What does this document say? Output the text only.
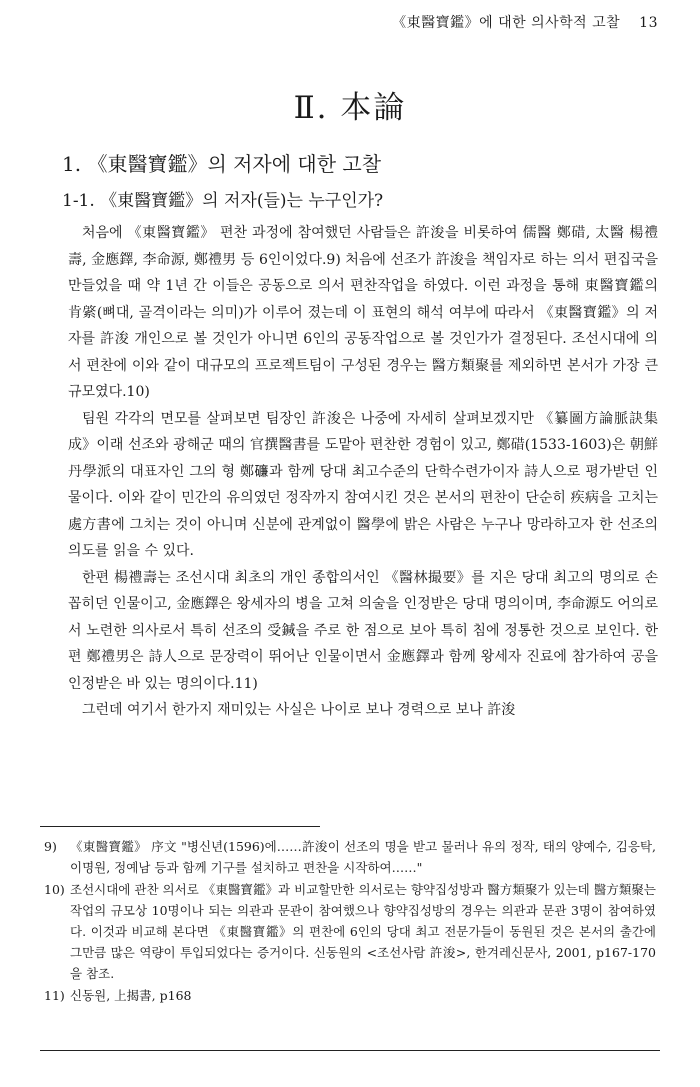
《東醫寶鑑》에 대한 의사학적 고찰 13
Ⅱ. 本論
1. 《東醫寶鑑》의 저자에 대한 고찰
1-1. 《東醫寶鑑》의 저자(들)는 누구인가?

처음에 《東醫寶鑑》 편찬 과정에 참여했던 사람들은 許浚을 비롯하여 儒醫 鄭碏, 太醫 楊禮壽, 金應鐸, 李命源, 鄭禮男 등 6인이었다.9) 처음에 선조가 許浚을 책임자로 하는 의서 편집국을 만들었을 때 약 1년 간 이들은 공동으로 의서 편찬작업을 하였다. 이런 과정을 통해 東醫寶鑑의 肯綮(뼈대, 골격이라는 의미)가 이루어 졌는데 이 표현의 해석 여부에 따라서 《東醫寶鑑》의 저자를 許浚 개인으로 볼 것인가 아니면 6인의 공동작업으로 볼 것인가가 결정된다. 조선시대에 의서 편찬에 이와 같이 대규모의 프로젝트팀이 구성된 경우는 醫方類聚를 제외하면 본서가 가장 큰 규모였다.10)

팀원 각각의 면모를 살펴보면 팀장인 許浚은 나중에 자세히 살펴보겠지만 《纂圖方論脈訣集成》이래 선조와 광해군 때의 官撰醫書를 도맡아 편찬한 경험이 있고, 鄭碏(1533-1603)은 朝鮮丹學派의 대표자인 그의 형 鄭𥖝과 함께 당대 최고수준의 단학수련가이자 詩人으로 평가받던 인물이다. 이와 같이 민간의 유의였던 정작까지 참여시킨 것은 본서의 편찬이 단순히 疾病을 고치는 處方書에 그치는 것이 아니며 신분에 관계없이 醫學에 밝은 사람은 누구나 망라하고자 한 선조의 의도를 읽을 수 있다.

한편 楊禮壽는 조선시대 최초의 개인 종합의서인 《醫林撮要》를 지은 당대 최고의 명의로 손꼽히던 인물이고, 金應鐸은 왕세자의 병을 고쳐 의술을 인정받은 당대 명의이며, 李命源도 어의로서 노련한 의사로서 특히 선조의 受鍼을 주로 한 점으로 보아 특히 침에 정통한 것으로 보인다. 한편 鄭禮男은 詩人으로 문장력이 뛰어난 인물이면서 金應鐸과 함께 왕세자 진료에 참가하여 공을 인정받은 바 있는 명의이다.11)

그런데 여기서 한가지 재미있는 사실은 나이로 보나 경력으로 보나 許浚

9)	《東醫寶鑑》 序文 "병신년(1596)에……許浚이 선조의 명을 받고 물러나 유의 정작, 태의 양예수, 김응탁, 이명원, 정예남 등과 함께 기구를 설치하고 편찬을 시작하여……"
10) 조선시대에 관찬 의서로 《東醫寶鑑》과 비교할만한 의서로는 향약집성방과 醫方類聚가 있는데 醫方類聚는 작업의 규모상 10명이나 되는 의관과 문관이 참여했으나 향약집성방의 경우는 의관과 문관 3명이 참여하였다. 이것과 비교해 본다면 《東醫寶鑑》의 편찬에 6인의 당대 최고 전문가들이 동원된 것은 본서의 출간에 그만큼 많은 역량이 투입되었다는 증거이다. 신동원의 <조선사람 許浚>, 한겨레신문사, 2001, p167-170을 참조.
11) 신동원, 上揭書, p168
